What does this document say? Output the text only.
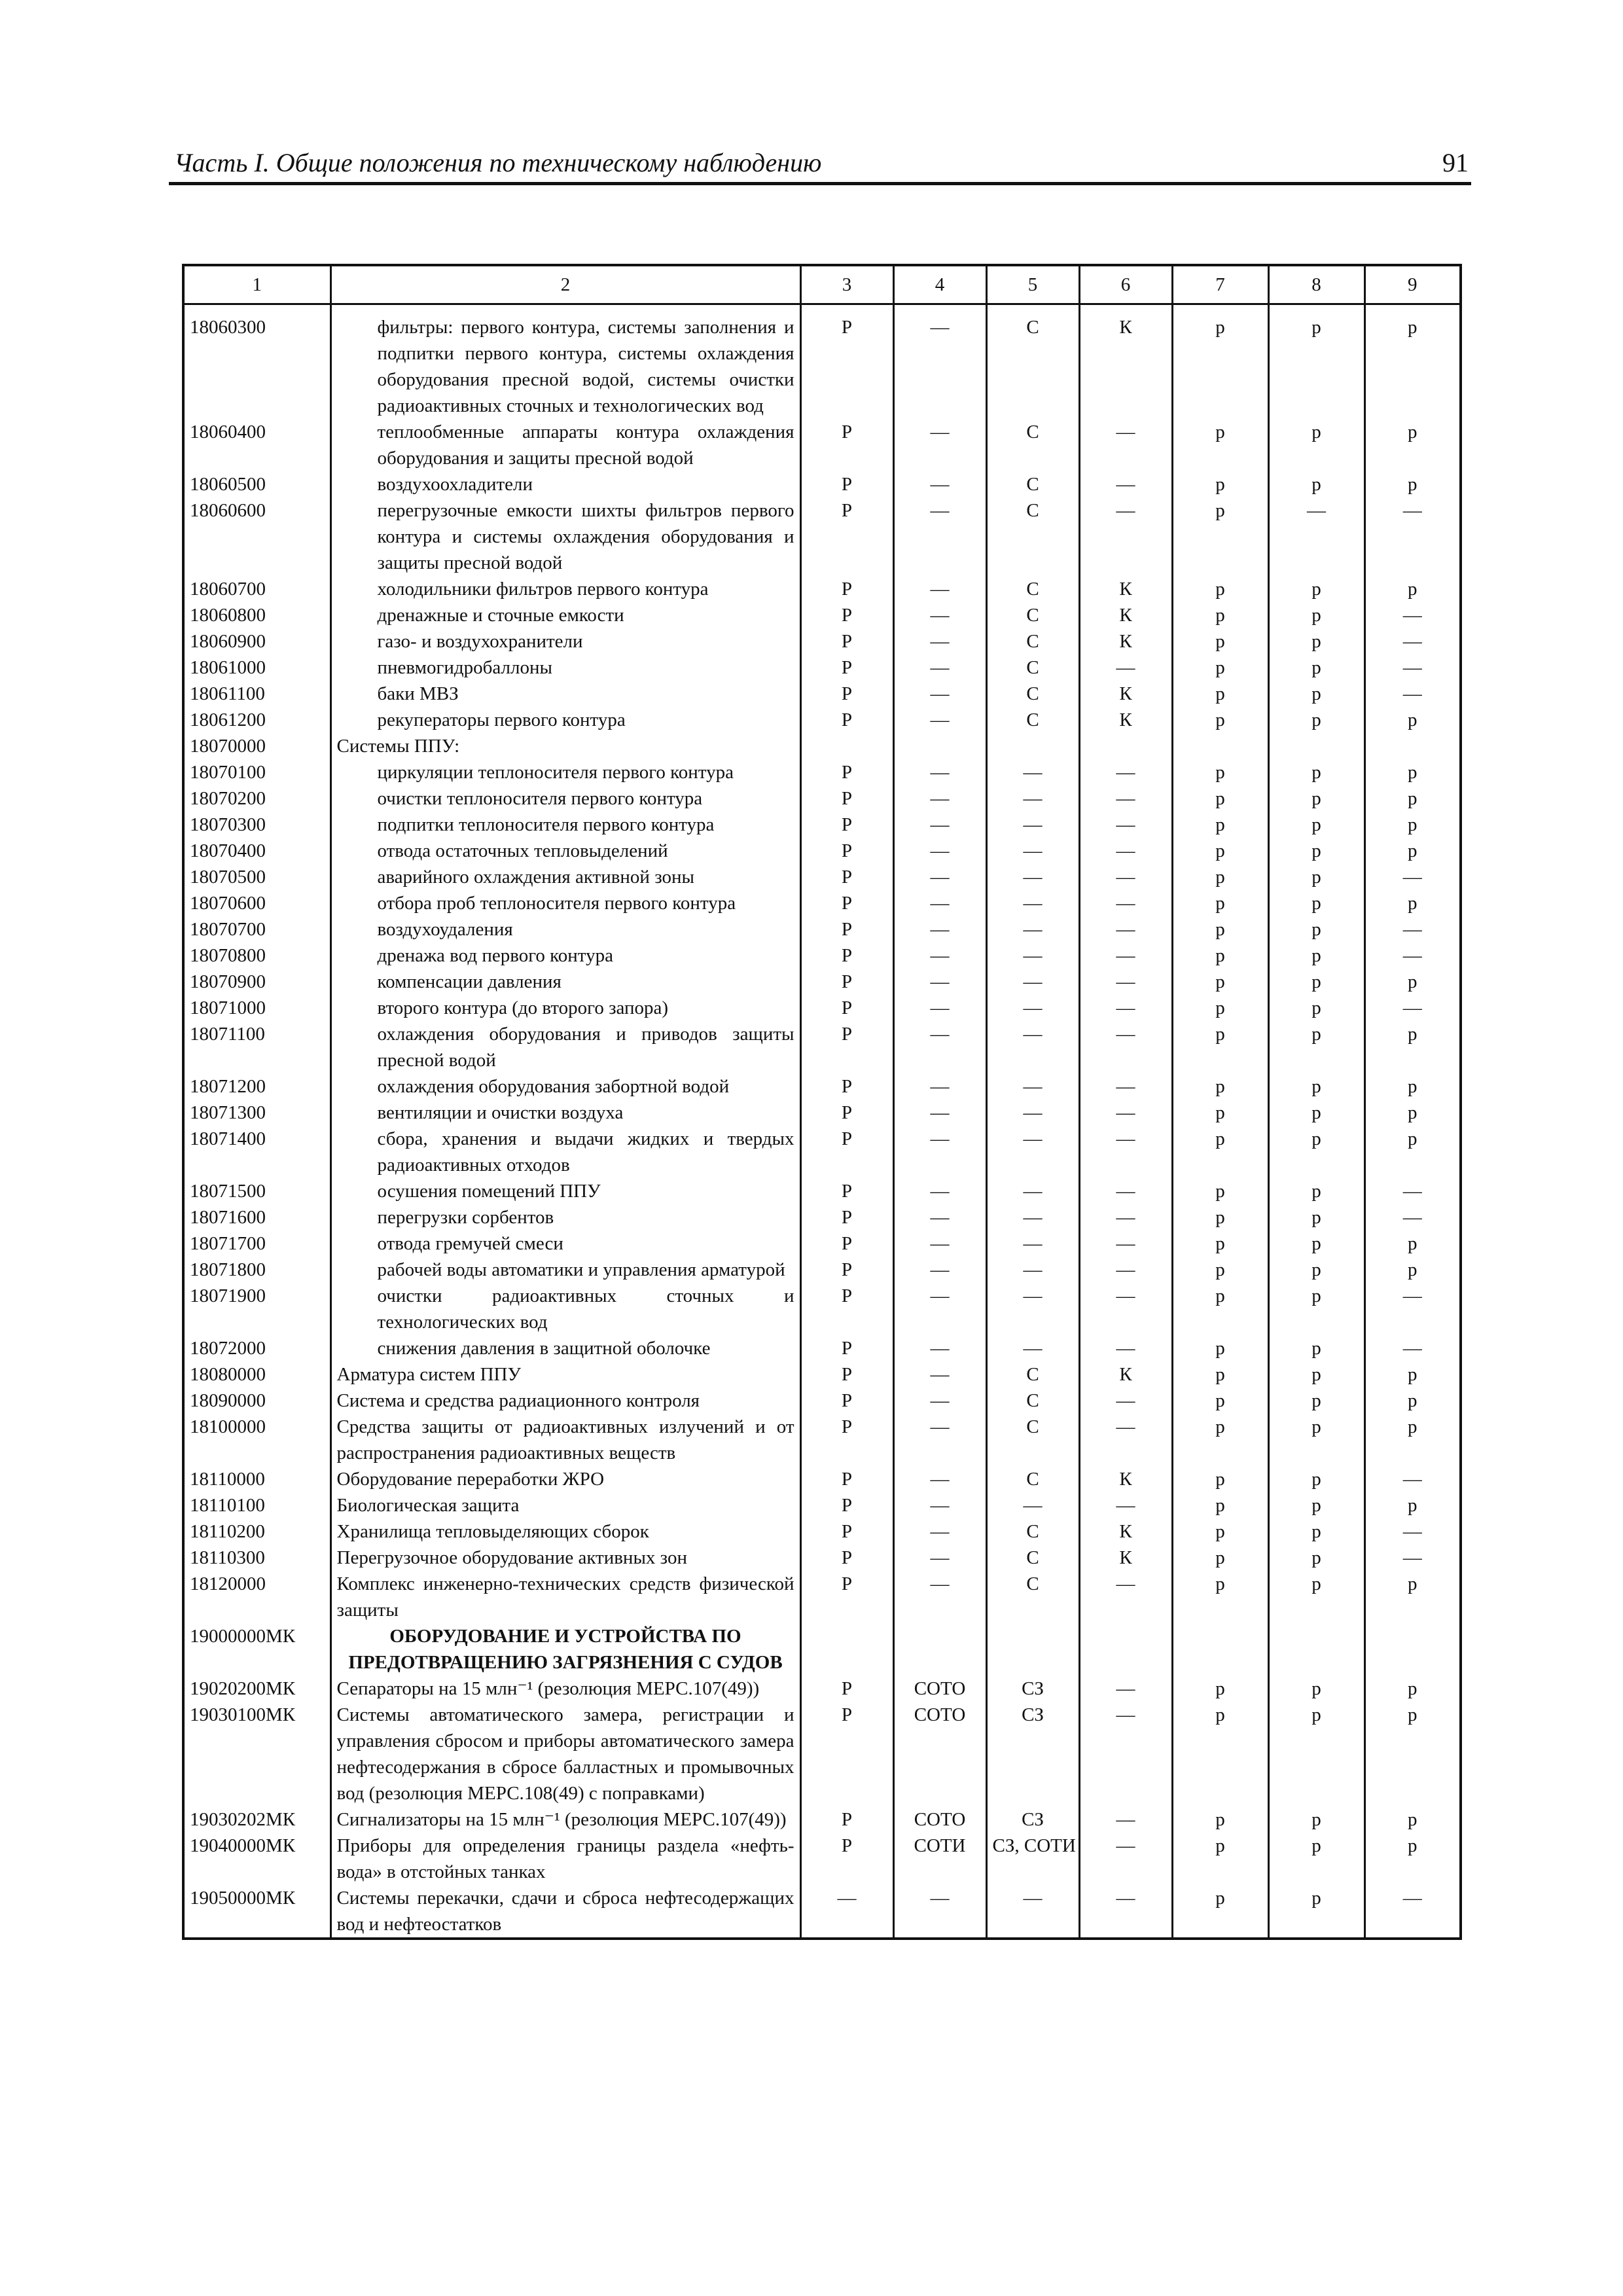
Часть I. Общие положения по техническому наблюдению	91
1	2	3	4	5	6	7	8	9
18060300	фильтры: первого контура, системы заполнения и подпитки первого контура, системы охлаждения оборудования пресной водой, системы очистки радиоактивных сточных и технологических вод	Р	—	С	К	р	р	р
18060400	теплообменные аппараты контура охлаждения оборудования и защиты пресной водой	Р	—	С	—	р	р	р
18060500	воздухоохладители	Р	—	С	—	р	р	р
18060600	перегрузочные емкости шихты фильтров первого контура и системы охлаждения оборудования и защиты пресной водой	Р	—	С	—	р	—	—
18060700	холодильники фильтров первого контура	Р	—	С	К	р	р	р
18060800	дренажные и сточные емкости	Р	—	С	К	р	р	—
18060900	газо- и воздухохранители	Р	—	С	К	р	р	—
18061000	пневмогидробаллоны	Р	—	С	—	р	р	—
18061100	баки МВЗ	Р	—	С	К	р	р	—
18061200	рекуператоры первого контура	Р	—	С	К	р	р	р
18070000	Системы ППУ:							
18070100	циркуляции теплоносителя первого контура	Р	—	—	—	р	р	р
18070200	очистки теплоносителя первого контура	Р	—	—	—	р	р	р
18070300	подпитки теплоносителя первого контура	Р	—	—	—	р	р	р
18070400	отвода остаточных тепловыделений	Р	—	—	—	р	р	р
18070500	аварийного охлаждения активной зоны	Р	—	—	—	р	р	—
18070600	отбора проб теплоносителя первого контура	Р	—	—	—	р	р	р
18070700	воздухоудаления	Р	—	—	—	р	р	—
18070800	дренажа вод первого контура	Р	—	—	—	р	р	—
18070900	компенсации давления	Р	—	—	—	р	р	р
18071000	второго контура (до второго запора)	Р	—	—	—	р	р	—
18071100	охлаждения оборудования и приводов защиты пресной водой	Р	—	—	—	р	р	р
18071200	охлаждения оборудования забортной водой	Р	—	—	—	р	р	р
18071300	вентиляции и очистки воздуха	Р	—	—	—	р	р	р
18071400	сбора, хранения и выдачи жидких и твердых радиоактивных отходов	Р	—	—	—	р	р	р
18071500	осушения помещений ППУ	Р	—	—	—	р	р	—
18071600	перегрузки сорбентов	Р	—	—	—	р	р	—
18071700	отвода гремучей смеси	Р	—	—	—	р	р	р
18071800	рабочей воды автоматики и управления арматурой	Р	—	—	—	р	р	р
18071900	очистки радиоактивных сточных и технологических вод	Р	—	—	—	р	р	—
18072000	снижения давления в защитной оболочке	Р	—	—	—	р	р	—
18080000	Арматура систем ППУ	Р	—	С	К	р	р	р
18090000	Система и средства радиационного контроля	Р	—	С	—	р	р	р
18100000	Средства защиты от радиоактивных излучений и от распространения радиоактивных веществ	Р	—	С	—	р	р	р
18110000	Оборудование переработки ЖРО	Р	—	С	К	р	р	—
18110100	Биологическая защита	Р	—	—	—	р	р	р
18110200	Хранилища тепловыделяющих сборок	Р	—	С	К	р	р	—
18110300	Перегрузочное оборудование активных зон	Р	—	С	К	р	р	—
18120000	Комплекс инженерно-технических средств физической защиты	Р	—	С	—	р	р	р
19000000МК	ОБОРУДОВАНИЕ И УСТРОЙСТВА ПО ПРЕДОТВРАЩЕНИЮ ЗАГРЯЗНЕНИЯ С СУДОВ							
19020200МК	Сепараторы на 15 млн⁻¹ (резолюция МЕРС.107(49))	Р	СОТО	СЗ	—	р	р	р
19030100МК	Системы автоматического замера, регистрации и управления сбросом и приборы автоматического замера нефтесодержания в сбросе балластных и промывочных вод (резолюция МЕРС.108(49) с поправками)	Р	СОТО	СЗ	—	р	р	р
19030202МК	Сигнализаторы на 15 млн⁻¹ (резолюция МЕРС.107(49))	Р	СОТО	СЗ	—	р	р	р
19040000МК	Приборы для определения границы раздела «нефть-вода» в отстойных танках	Р	СОТИ	СЗ, СОТИ	—	р	р	р
19050000МК	Системы перекачки, сдачи и сброса нефтесодержащих вод и нефтеостатков	—	—	—	—	р	р	—
